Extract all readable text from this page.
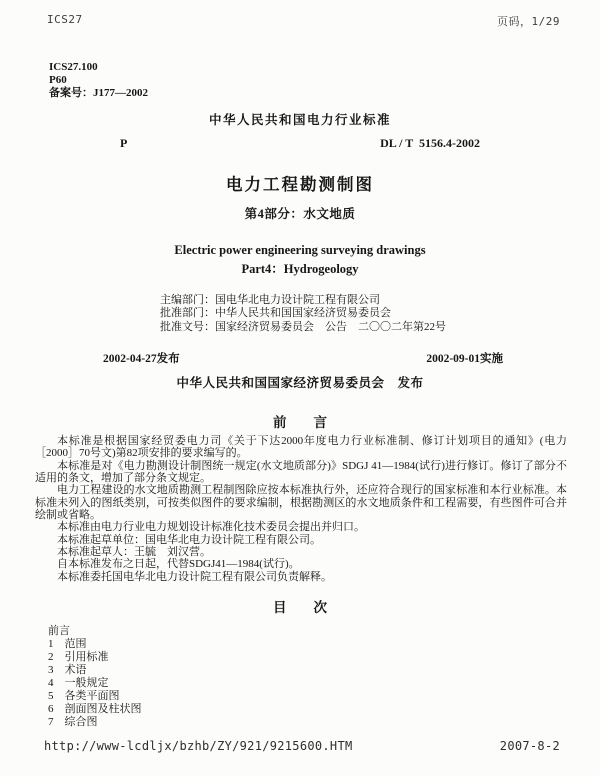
ICS27	页码，1/29
ICS27.100
P60
备案号：J177—2002
中华人民共和国电力行业标准
P	DL / T  5156.4-2002
电力工程勘测制图
第4部分：水文地质
Electric power engineering surveying drawings
Part4：Hydrogeology
主编部门：国电华北电力设计院工程有限公司
批准部门：中华人民共和国国家经济贸易委员会
批准文号：国家经济贸易委员会　公告　二〇〇二年第22号
2002-04-27发布	2002-09-01实施
中华人民共和国国家经济贸易委员会　发布
前　　言

本标准是根据国家经贸委电力司《关于下达2000年度电力行业标准制、修订计划项目的通知》(电力［2000］70号文)第82项安排的要求编写的。

本标准是对《电力勘测设计制图统一规定(水文地质部分)》SDGJ 41—1984(试行)进行修订。修订了部分不适用的条文，增加了部分条文规定。

电力工程建设的水文地质勘测工程制图除应按本标准执行外，还应符合现行的国家标准和本行业标准。本标准未列入的图纸类别，可按类似图件的要求编制，根据勘测区的水文地质条件和工程需要，有些图件可合并绘制或省略。

本标准由电力行业电力规划设计标准化技术委员会提出并归口。

本标准起草单位：国电华北电力设计院工程有限公司。

本标准起草人：王毓　刘汉营。

自本标准发布之日起，代替SDGJ41—1984(试行)。

本标准委托国电华北电力设计院工程有限公司负责解释。

目　　次
前言
1　范围
2　引用标准
3　术语
4　一般规定
5　各类平面图
6　剖面图及柱状图
7　综合图
http://www-lcdljx/bzhb/ZY/921/9215600.HTM	2007-8-2
